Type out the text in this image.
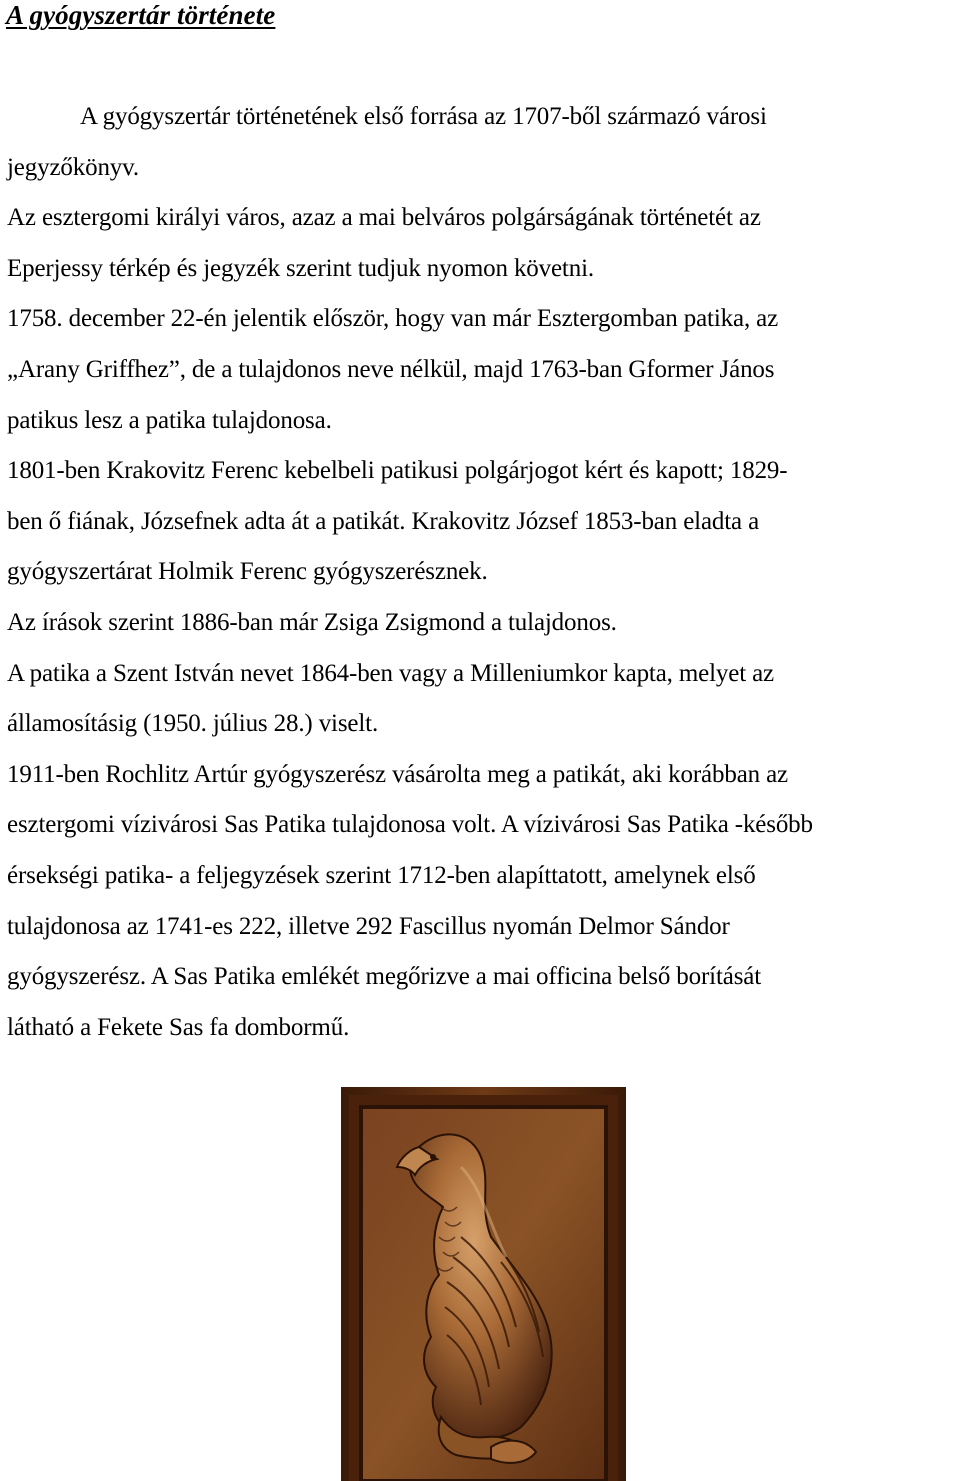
A gyógyszertár története
A gyógyszertár történetének első forrása az 1707-ből származó városi
jegyzőkönyv.
Az esztergomi királyi város, azaz a mai belváros polgárságának történetét az
Eperjessy térkép és jegyzék szerint tudjuk nyomon követni.
1758. december 22-én jelentik először, hogy van már Esztergomban patika, az
„Arany Griffhez”, de a tulajdonos neve nélkül, majd 1763-ban Gformer János
patikus lesz a patika tulajdonosa.
1801-ben Krakovitz Ferenc kebelbeli patikusi polgárjogot kért és kapott; 1829-
ben ő fiának, Józsefnek adta át a patikát. Krakovitz József 1853-ban eladta a
gyógyszertárat Holmik Ferenc gyógyszerésznek.
Az írások szerint 1886-ban már Zsiga Zsigmond a tulajdonos.
A patika a Szent István nevet 1864-ben vagy a Milleniumkor kapta, melyet az
államosításig (1950. július 28.) viselt.
1911-ben Rochlitz Artúr gyógyszerész vásárolta meg a patikát, aki korábban az
esztergomi vízivárosi Sas Patika tulajdonosa volt. A vízivárosi Sas Patika -később
érsekségi patika- a feljegyzések szerint 1712-ben alapíttatott, amelynek első
tulajdonosa az 1741-es 222, illetve 292 Fascillus nyomán Delmor Sándor
gyógyszerész. A Sas Patika emlékét megőrizve a mai officina belső borítását
látható a Fekete Sas fa dombormű.
